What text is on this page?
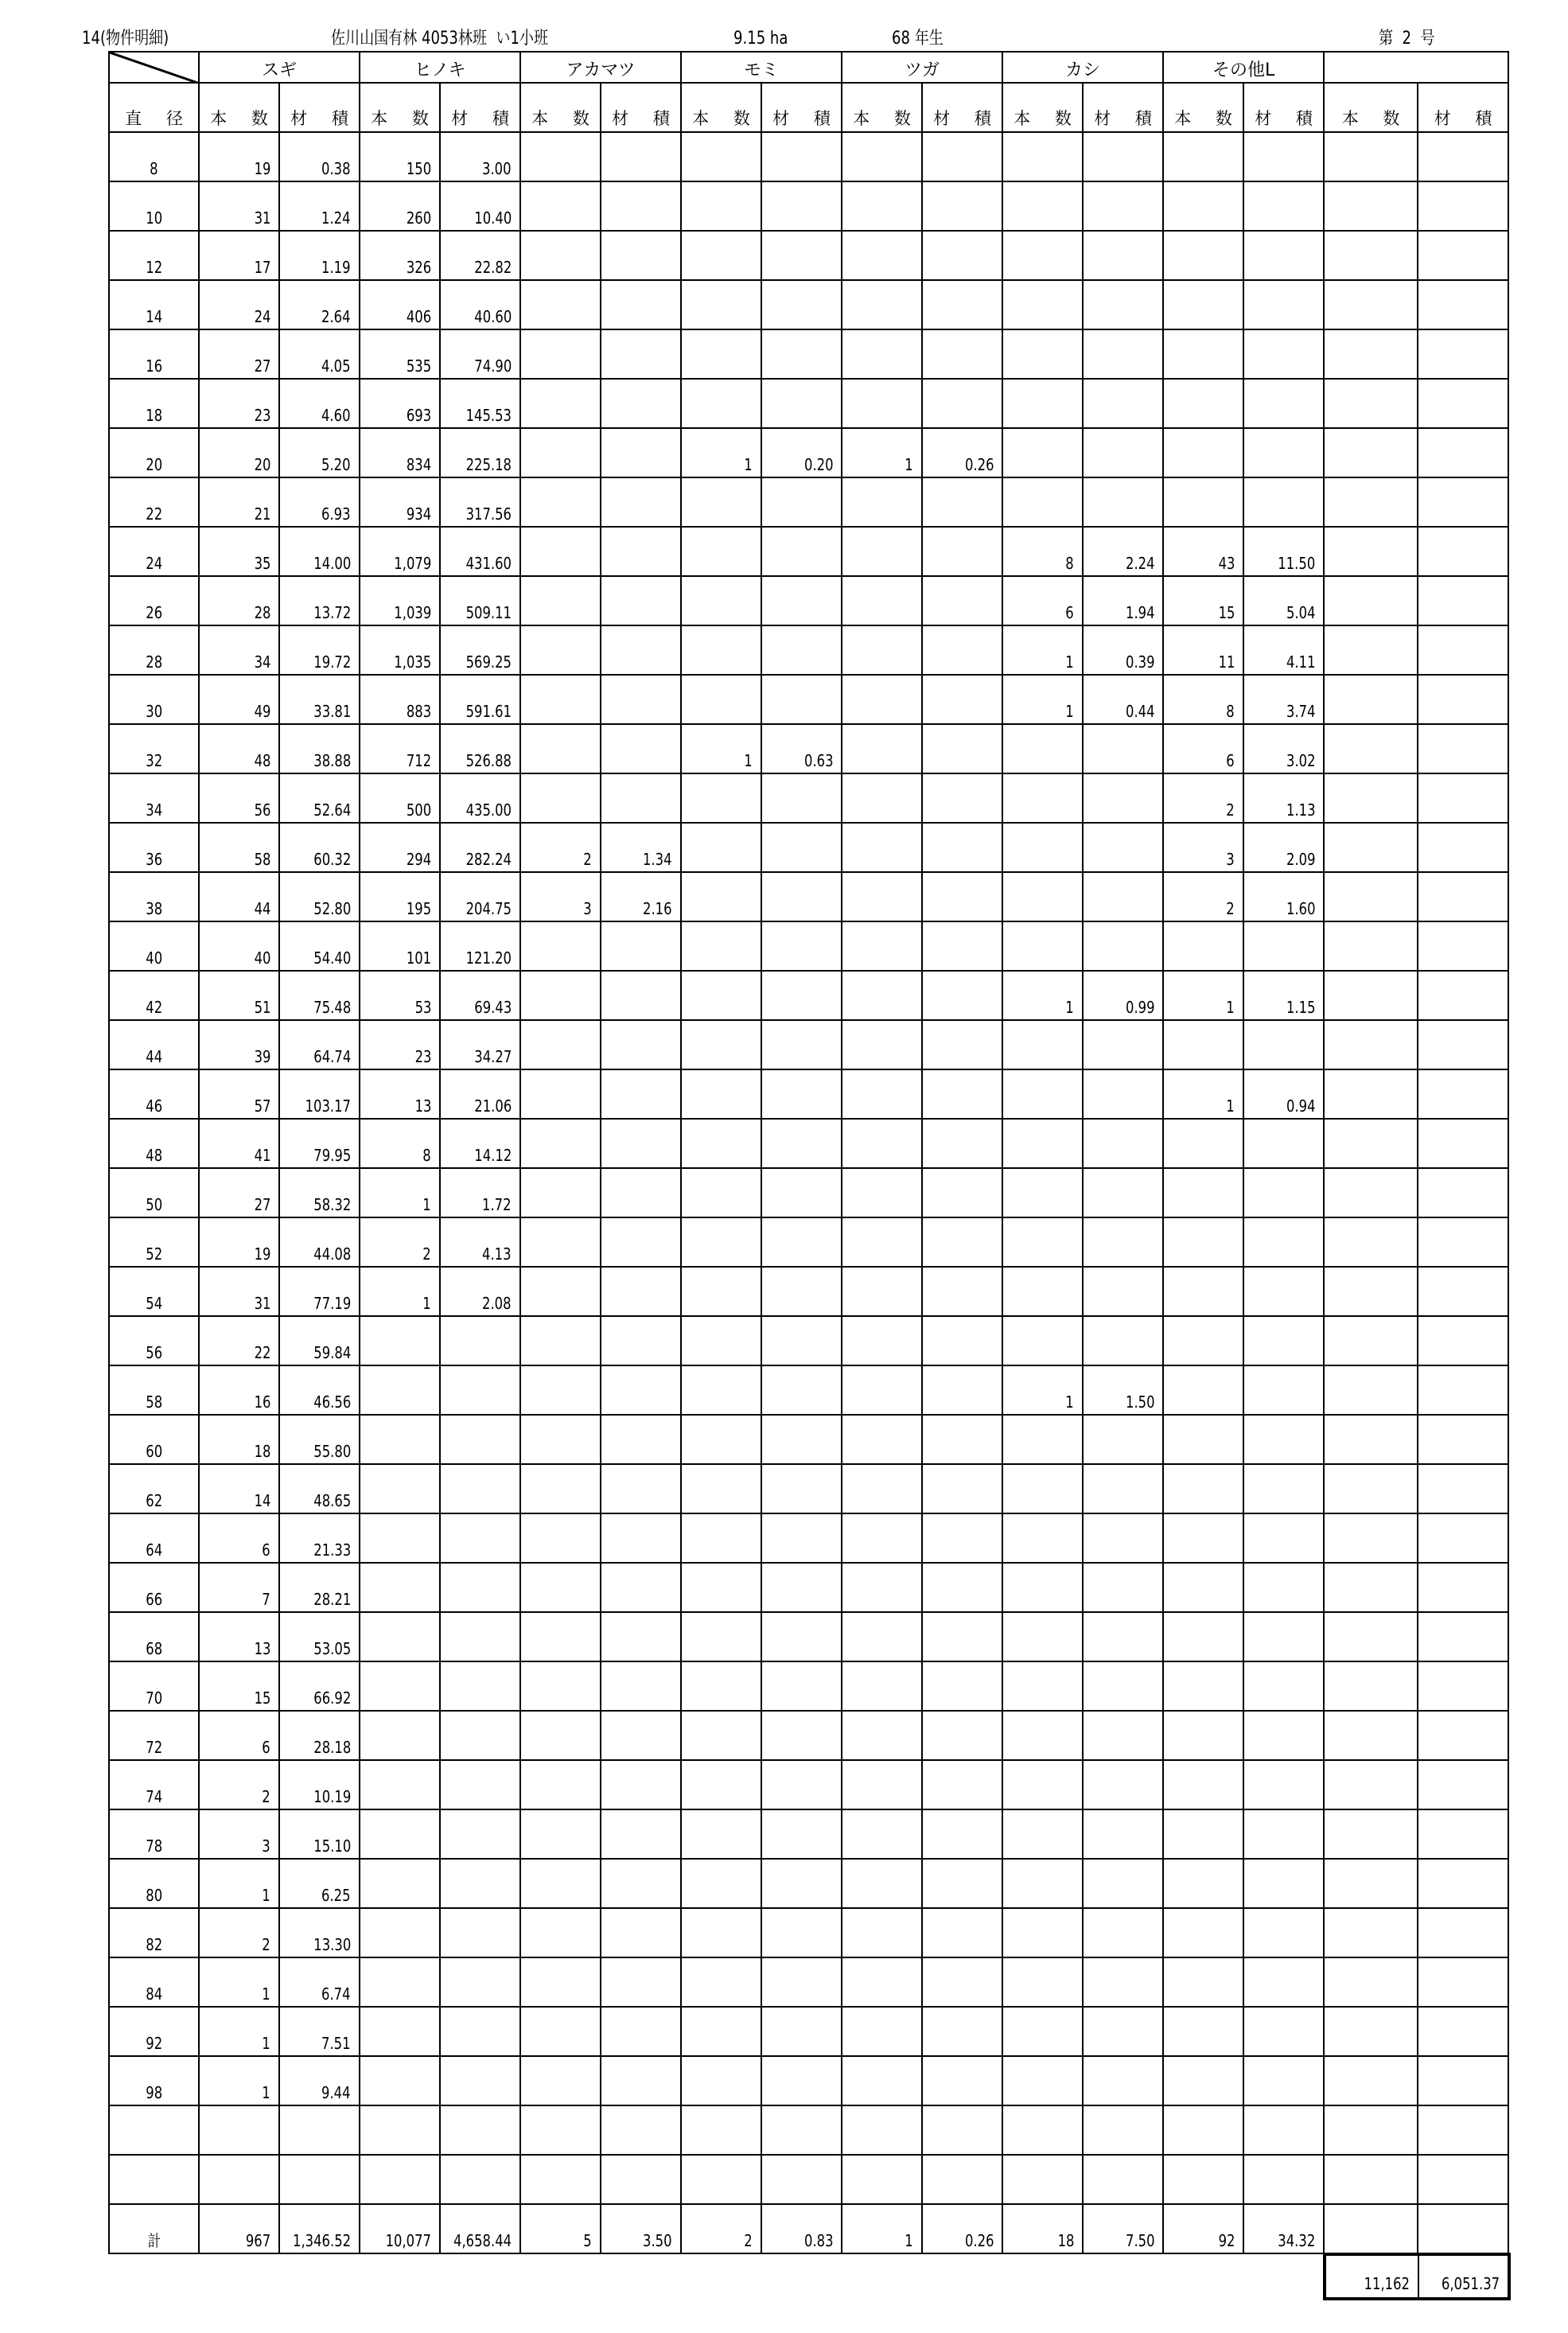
14(物件明細)	佐川山国有林 4053林班  い1小班	9.15 ha	68 年生	第  2  号
	スギ		ヒノキ		アカマツ		モミ		ツガ		カシ		その他L			
直 径	本 数	材 積	本 数	材 積	本 数	材 積	本 数	材 積	本 数	材 積	本 数	材 積	本 数	材 積	本 数	材 積
8	19	0.38	150	3.00												
10	31	1.24	260	10.40												
12	17	1.19	326	22.82												
14	24	2.64	406	40.60												
16	27	4.05	535	74.90												
18	23	4.60	693	145.53												
20	20	5.20	834	225.18			1	0.20	1	0.26						
22	21	6.93	934	317.56												
24	35	14.00	1,079	431.60							8	2.24	43	11.50		
26	28	13.72	1,039	509.11							6	1.94	15	5.04		
28	34	19.72	1,035	569.25							1	0.39	11	4.11		
30	49	33.81	883	591.61							1	0.44	8	3.74		
32	48	38.88	712	526.88			1	0.63					6	3.02		
34	56	52.64	500	435.00									2	1.13		
36	58	60.32	294	282.24	2	1.34							3	2.09		
38	44	52.80	195	204.75	3	2.16							2	1.60		
40	40	54.40	101	121.20												
42	51	75.48	53	69.43							1	0.99	1	1.15		
44	39	64.74	23	34.27												
46	57	103.17	13	21.06									1	0.94		
48	41	79.95	8	14.12												
50	27	58.32	1	1.72												
52	19	44.08	2	4.13												
54	31	77.19	1	2.08												
56	22	59.84														
58	16	46.56									1	1.50				
60	18	55.80														
62	14	48.65														
64	6	21.33														
66	7	28.21														
68	13	53.05														
70	15	66.92														
72	6	28.18														
74	2	10.19														
78	3	15.10														
80	1	6.25														
82	2	13.30														
84	1	6.74														
92	1	7.51														
98	1	9.44														

計	967	1,346.52	10,077	4,658.44	5	3.50	2	0.83	1	0.26	18	7.50	92	34.32		
11,162	6,051.37
